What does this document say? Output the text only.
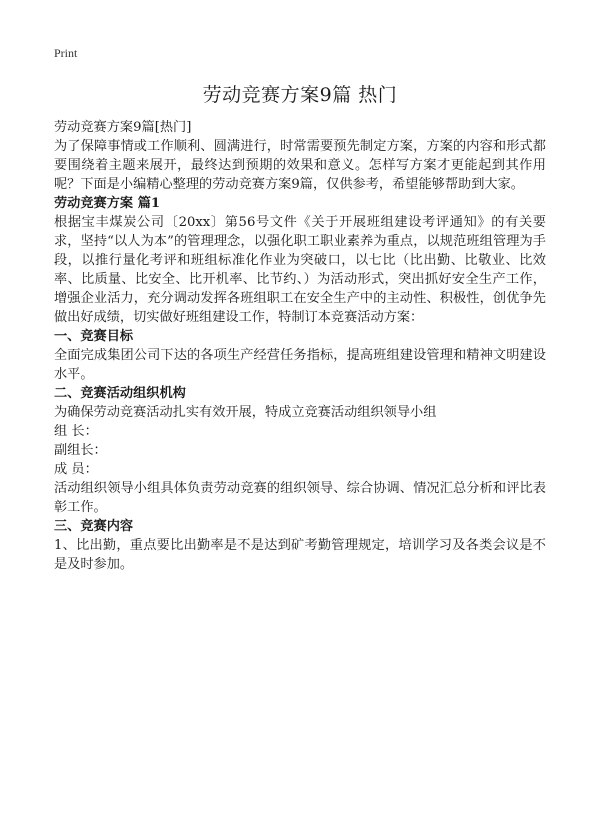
Print
劳动竞赛方案9篇 热门

劳动竞赛方案9篇[热门]

为了保障事情或工作顺利、圆满进行，时常需要预先制定方案，方案的内容和形式都要围绕着主题来展开，最终达到预期的效果和意义。怎样写方案才更能起到其作用呢？下面是小编精心整理的劳动竞赛方案9篇，仅供参考，希望能够帮助到大家。

劳动竞赛方案 篇1

根据宝丰煤炭公司〔20xx〕第56号文件《关于开展班组建设考评通知》的有关要求，坚持“以人为本”的管理理念，以强化职工职业素养为重点，以规范班组管理为手段，以推行量化考评和班组标准化作业为突破口，以七比（比出勤、比敬业、比效率、比质量、比安全、比开机率、比节约、）为活动形式，突出抓好安全生产工作，增强企业活力，充分调动发挥各班组职工在安全生产中的主动性、积极性，创优争先做出好成绩，切实做好班组建设工作，特制订本竞赛活动方案：

一、竞赛目标

全面完成集团公司下达的各项生产经营任务指标，提高班组建设管理和精神文明建设水平。

二、竞赛活动组织机构

为确保劳动竞赛活动扎实有效开展，特成立竞赛活动组织领导小组

组 长：

副组长：

成 员：

活动组织领导小组具体负责劳动竞赛的组织领导、综合协调、情况汇总分析和评比表彰工作。

三、竞赛内容

1、比出勤，重点要比出勤率是不是达到矿考勤管理规定，培训学习及各类会议是不是及时参加。
